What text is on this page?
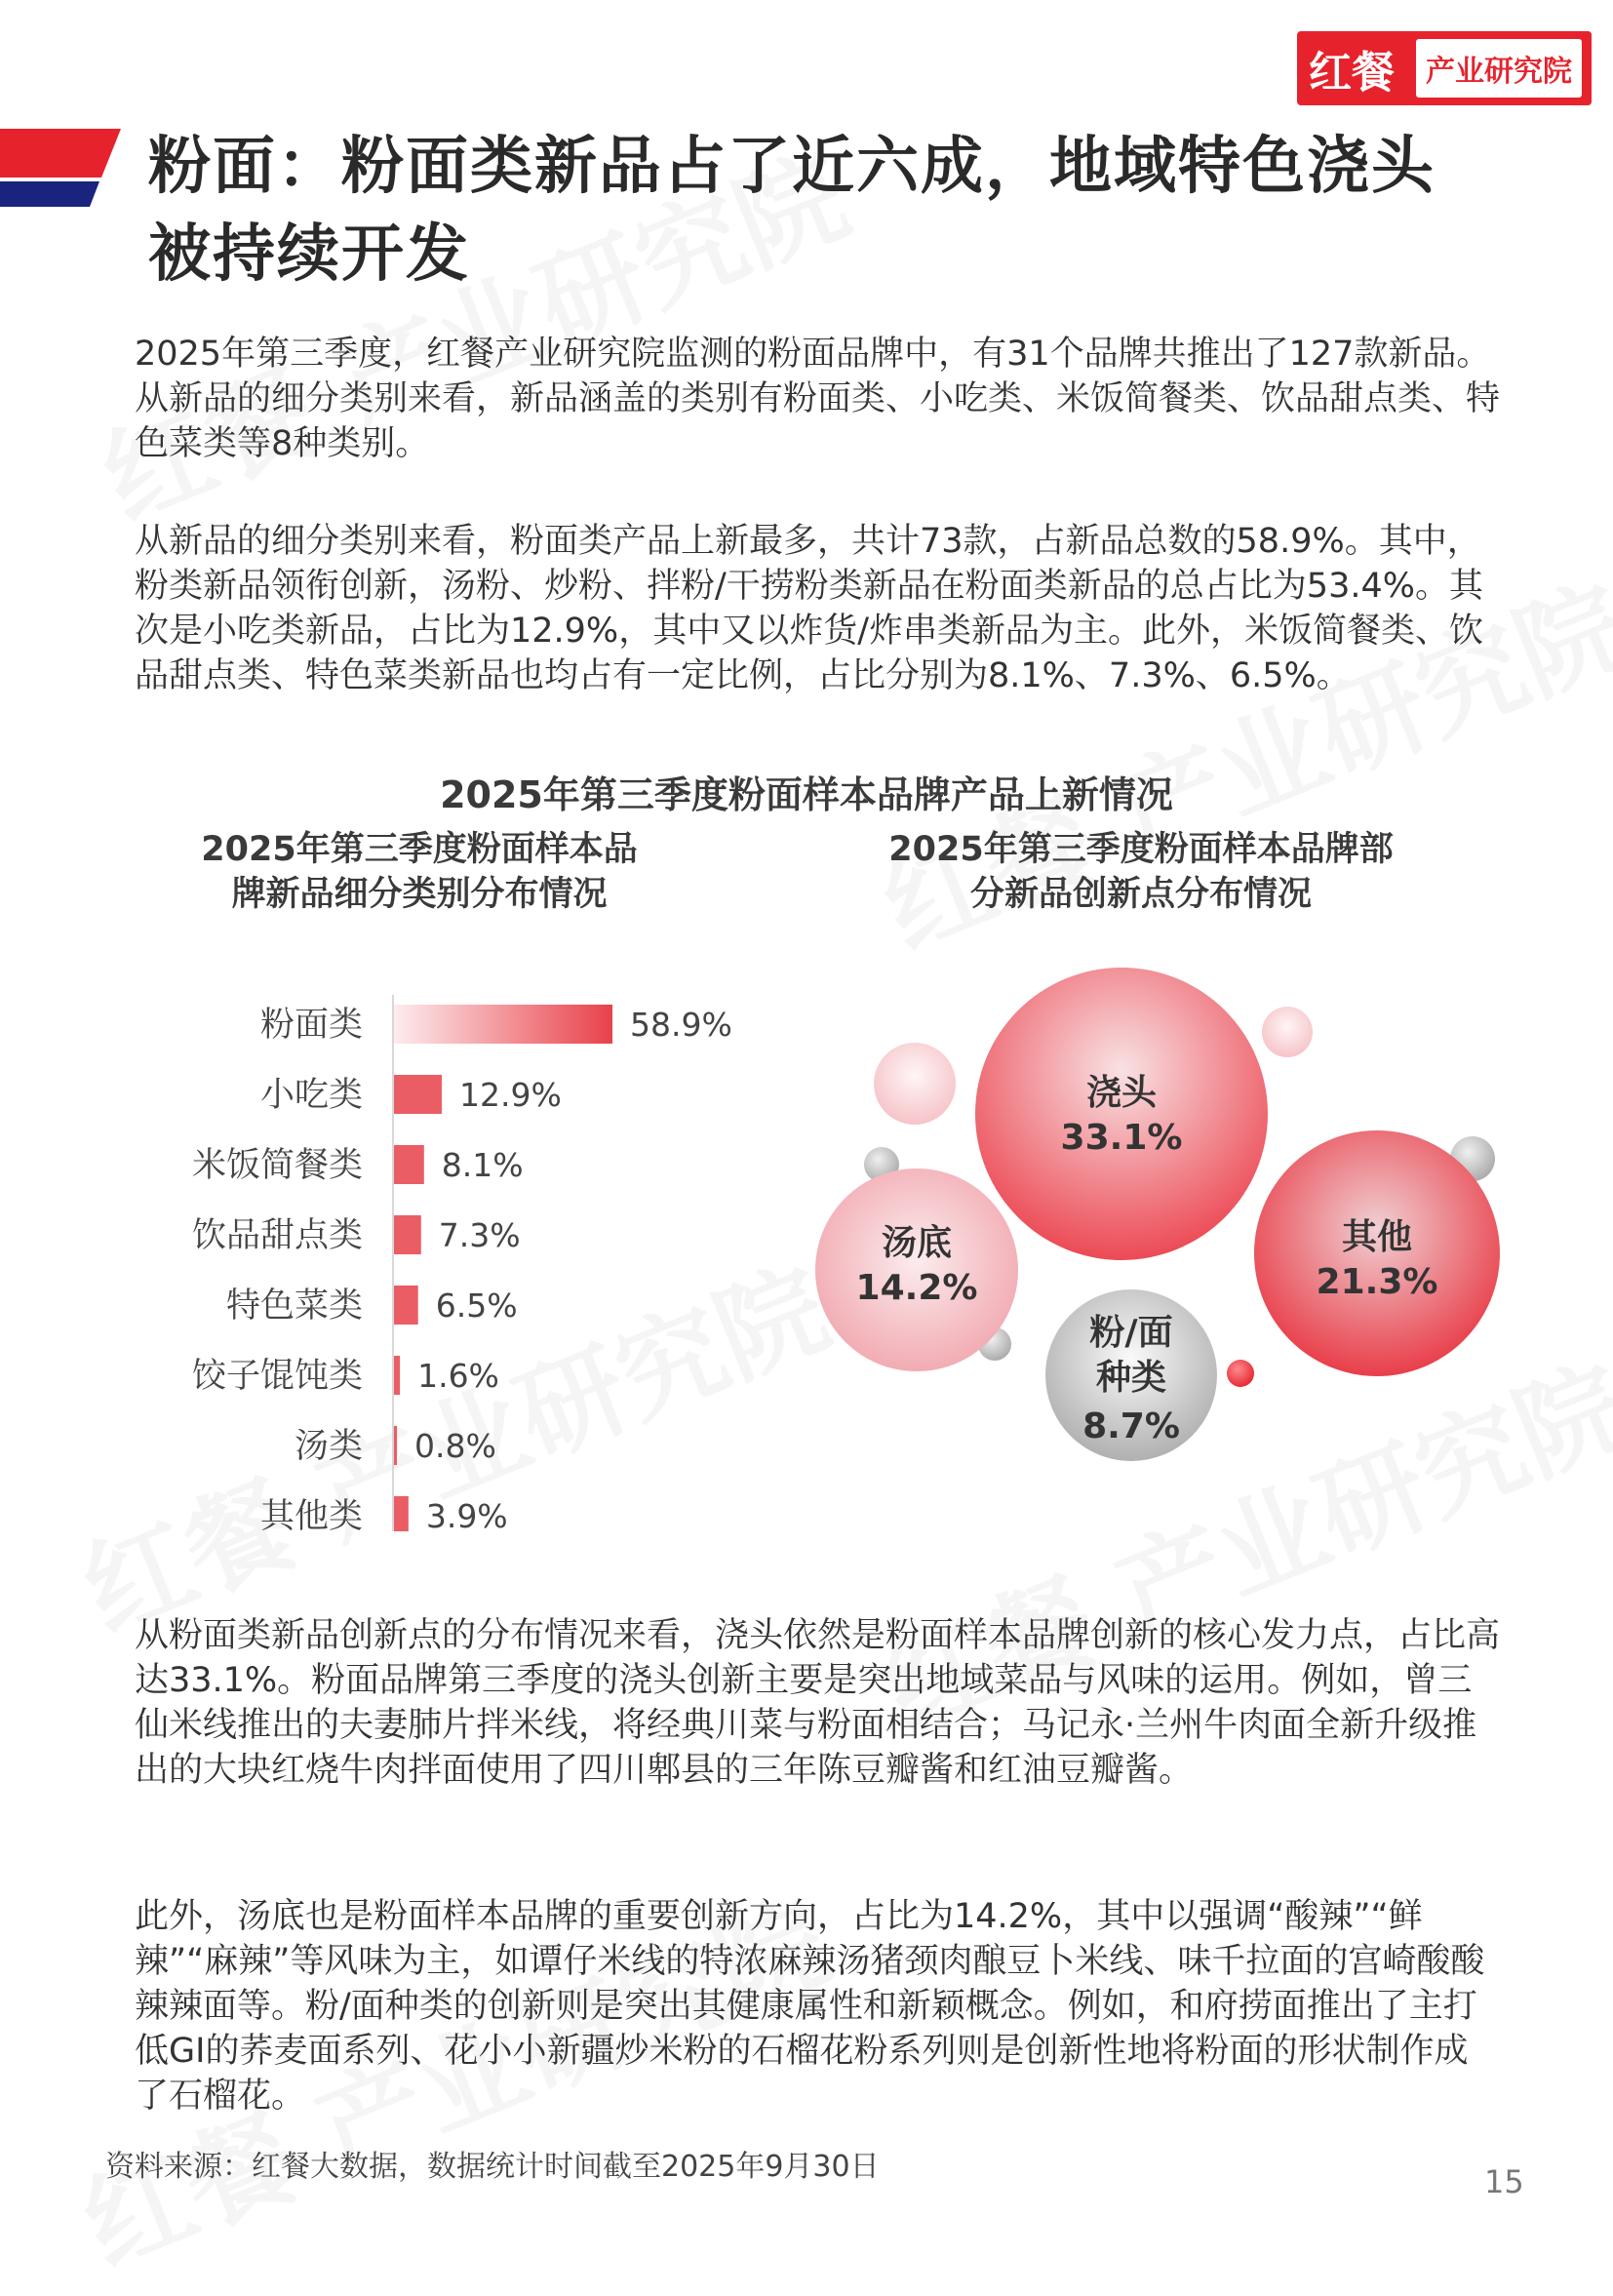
红餐	产业研究院
粉面：粉面类新品占了近六成，地域特色浇头被持续开发

2025年第三季度，红餐产业研究院监测的粉面品牌中，有31个品牌共推出了127款新品。从新品的细分类别来看，新品涵盖的类别有粉面类、小吃类、米饭简餐类、饮品甜点类、特色菜类等8种类别。

从新品的细分类别来看，粉面类产品上新最多，共计73款，占新品总数的58.9%。其中，粉类新品领衔创新，汤粉、炒粉、拌粉/干捞粉类新品在粉面类新品的总占比为53.4%。其次是小吃类新品，占比为12.9%，其中又以炸货/炸串类新品为主。此外，米饭简餐类、饮品甜点类、特色菜类新品也均占有一定比例，占比分别为8.1%、7.3%、6.5%。

2025年第三季度粉面样本品牌产品上新情况
2025年第三季度粉面样本品牌新品细分类别分布情况
2025年第三季度粉面样本品牌部分新品创新点分布情况
粉面类	58.9%
小吃类	12.9%
米饭简餐类 8.1%
饮品甜点类 7.3%
特色菜类 6.5%
饺子馄饨类 1.6%
汤类 0.8%
其他类 3.9%
浇头
33.1%
其他
21.3%
汤底
14.2%
粉/面种类
8.7%

从粉面类新品创新点的分布情况来看，浇头依然是粉面样本品牌创新的核心发力点，占比高达33.1%。粉面品牌第三季度的浇头创新主要是突出地域菜品与风味的运用。例如，曾三仙米线推出的夫妻肺片拌米线，将经典川菜与粉面相结合；马记永·兰州牛肉面全新升级推出的大块红烧牛肉拌面使用了四川郫县的三年陈豆瓣酱和红油豆瓣酱。

此外，汤底也是粉面样本品牌的重要创新方向，占比为14.2%，其中以强调“酸辣”“鲜辣”“麻辣”等风味为主，如谭仔米线的特浓麻辣汤猪颈肉酿豆卜米线、味千拉面的宫崎酸酸辣辣面等。粉/面种类的创新则是突出其健康属性和新颖概念。例如，和府捞面推出了主打低GI的荞麦面系列、花小小新疆炒米粉的石榴花粉系列则是创新性地将粉面的形状制作成了石榴花。

资料来源：红餐大数据，数据统计时间截至2025年9月30日	15
